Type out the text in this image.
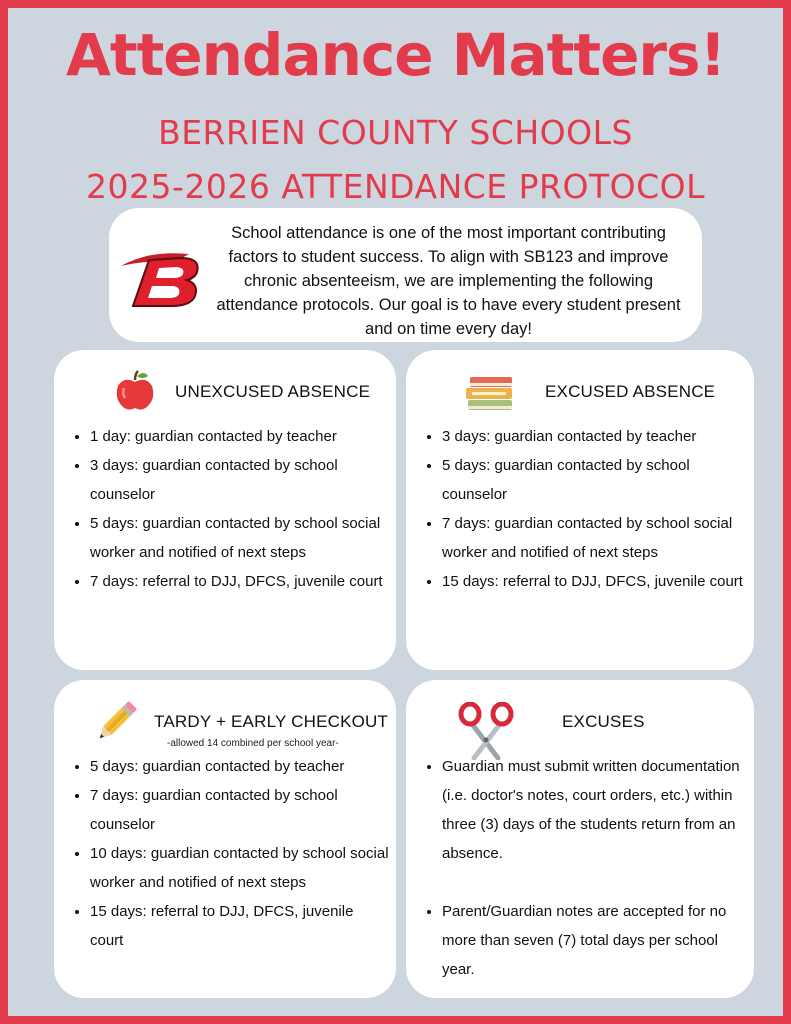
Attendance Matters!
BERRIEN COUNTY SCHOOLS
2025-2026 ATTENDANCE PROTOCOL
School attendance is one of the most important contributing factors to student success. To align with SB123 and improve chronic absenteeism, we are implementing the following attendance protocols. Our goal is to have every student present and on time every day!
UNEXCUSED ABSENCE
• 1 day: guardian contacted by teacher
• 3 days: guardian contacted by school counselor
• 5 days: guardian contacted by school social worker and notified of next steps
• 7 days: referral to DJJ, DFCS, juvenile court
EXCUSED ABSENCE
• 3 days: guardian contacted by teacher
• 5 days: guardian contacted by school counselor
• 7 days: guardian contacted by school social worker and notified of next steps
• 15 days: referral to DJJ, DFCS, juvenile court
TARDY + EARLY CHECKOUT
-allowed 14 combined per school year-
• 5 days: guardian contacted by teacher
• 7 days: guardian contacted by school counselor
• 10 days: guardian contacted by school social worker and notified of next steps
• 15 days: referral to DJJ, DFCS, juvenile court
EXCUSES
• Guardian must submit written documentation (i.e. doctor's notes, court orders, etc.) within three (3) days of the students return from an absence.
• Parent/Guardian notes are accepted for no more than seven (7) total days per school year.
